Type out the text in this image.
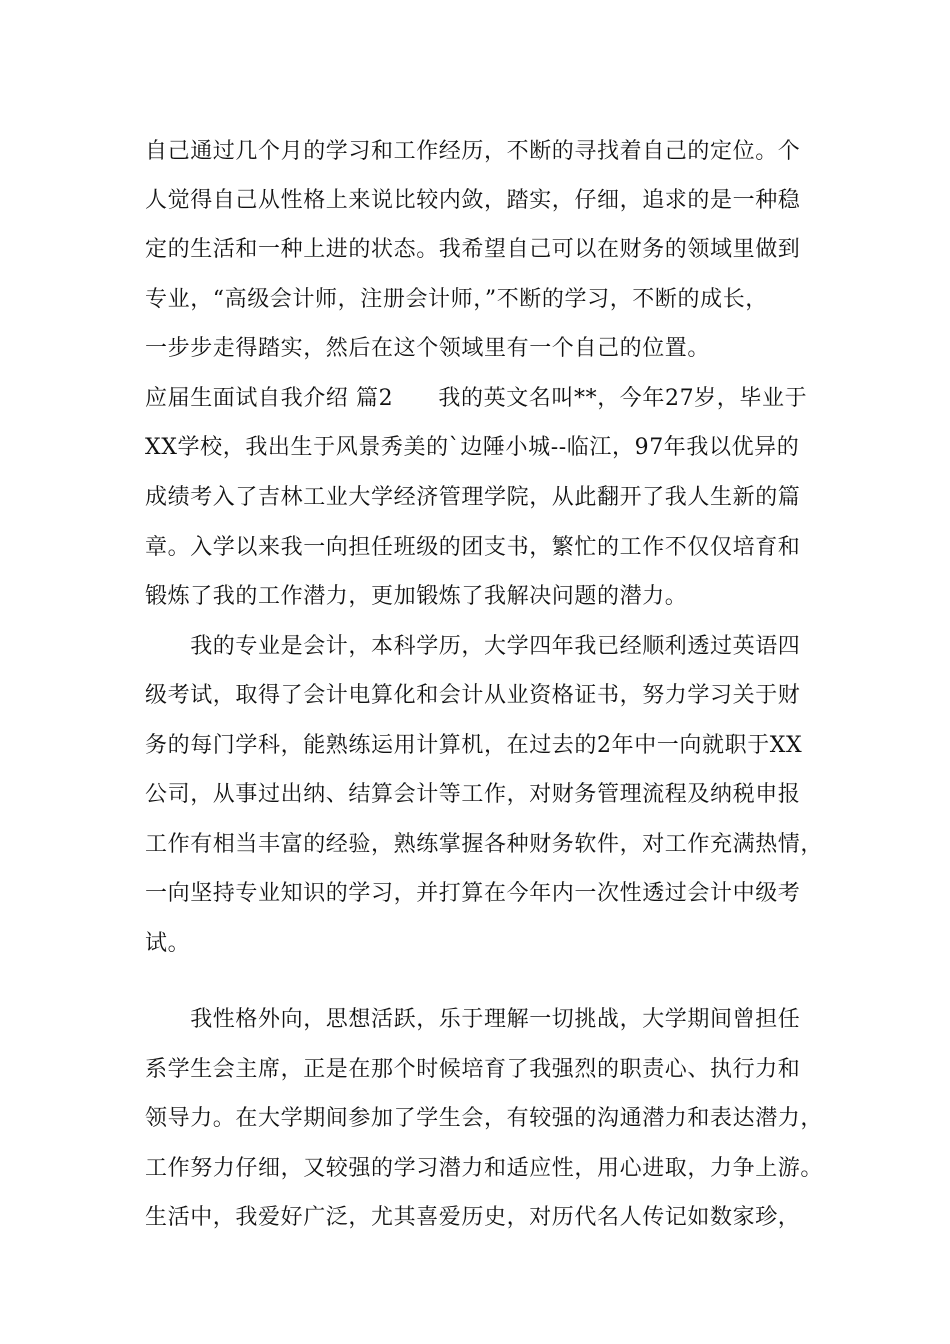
自己通过几个月的学习和工作经历，不断的寻找着自己的定位。个
人觉得自己从性格上来说比较内敛，踏实，仔细，追求的是一种稳
定的生活和一种上进的状态。我希望自己可以在财务的领域里做到
专业，“高级会计师，注册会计师，”不断的学习，不断的成长，
一步步走得踏实，然后在这个领域里有一个自己的位置。
应届生面试自我介绍 篇2　　我的英文名叫**，今年27岁，毕业于
XX学校，我出生于风景秀美的`边陲小城--临江，97年我以优异的
成绩考入了吉林工业大学经济管理学院，从此翻开了我人生新的篇
章。入学以来我一向担任班级的团支书，繁忙的工作不仅仅培育和
锻炼了我的工作潜力，更加锻炼了我解决问题的潜力。
　　我的专业是会计，本科学历，大学四年我已经顺利透过英语四
级考试，取得了会计电算化和会计从业资格证书，努力学习关于财
务的每门学科，能熟练运用计算机，在过去的2年中一向就职于XX
公司，从事过出纳、结算会计等工作，对财务管理流程及纳税申报
工作有相当丰富的经验，熟练掌握各种财务软件，对工作充满热情，
一向坚持专业知识的学习，并打算在今年内一次性透过会计中级考
试。
　　我性格外向，思想活跃，乐于理解一切挑战，大学期间曾担任
系学生会主席，正是在那个时候培育了我强烈的职责心、执行力和
领导力。在大学期间参加了学生会，有较强的沟通潜力和表达潜力，
工作努力仔细，又较强的学习潜力和适应性，用心进取，力争上游。
生活中，我爱好广泛，尤其喜爱历史，对历代名人传记如数家珍，
